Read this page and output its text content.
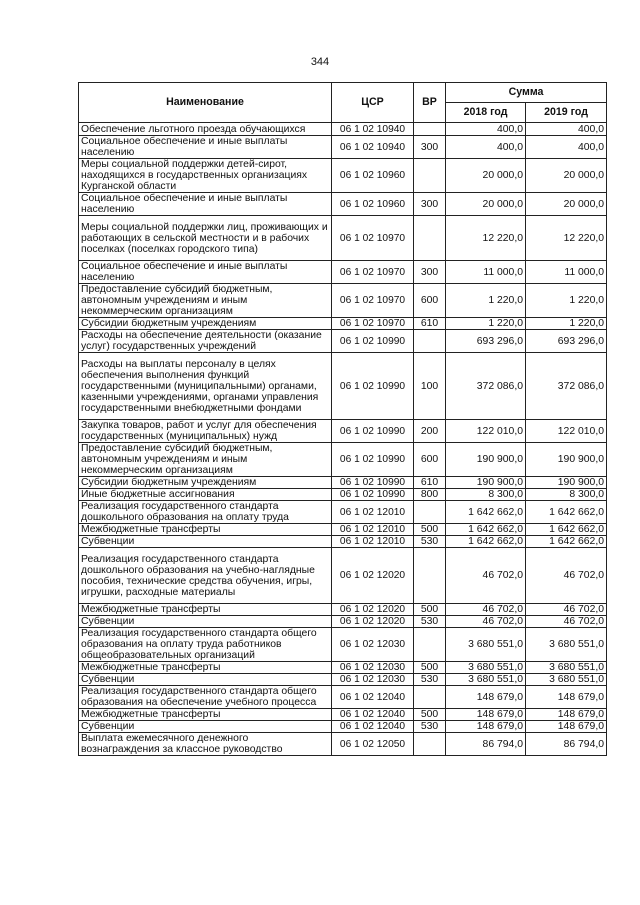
344
Наименование	ЦСР	ВР	Сумма	
			2018 год	2019 год
Обеспечение льготного проезда обучающихся	06 1 02 10940		400,0	400,0
Социальное обеспечение и иные выплаты населению	06 1 02 10940	300	400,0	400,0
Меры социальной поддержки детей-сирот, находящихся в государственных организациях Курганской области	06 1 02 10960		20 000,0	20 000,0
Социальное обеспечение и иные выплаты населению	06 1 02 10960	300	20 000,0	20 000,0
Меры социальной поддержки лиц, проживающих и работающих в сельской местности и в рабочих поселках (поселках городского типа)	06 1 02 10970		12 220,0	12 220,0
Социальное обеспечение и иные выплаты населению	06 1 02 10970	300	11 000,0	11 000,0
Предоставление субсидий бюджетным, автономным учреждениям и иным некоммерческим организациям	06 1 02 10970	600	1 220,0	1 220,0
Субсидии бюджетным учреждениям	06 1 02 10970	610	1 220,0	1 220,0
Расходы на обеспечение деятельности (оказание услуг) государственных учреждений	06 1 02 10990		693 296,0	693 296,0
Расходы на выплаты персоналу в целях обеспечения выполнения функций государственными (муниципальными) органами, казенными учреждениями, органами управления государственными внебюджетными фондами	06 1 02 10990	100	372 086,0	372 086,0
Закупка товаров, работ и услуг для обеспечения государственных (муниципальных) нужд	06 1 02 10990	200	122 010,0	122 010,0
Предоставление субсидий бюджетным, автономным учреждениям и иным некоммерческим организациям	06 1 02 10990	600	190 900,0	190 900,0
Субсидии бюджетным учреждениям	06 1 02 10990	610	190 900,0	190 900,0
Иные бюджетные ассигнования	06 1 02 10990	800	8 300,0	8 300,0
Реализация государственного стандарта дошкольного образования на оплату труда	06 1 02 12010		1 642 662,0	1 642 662,0
Межбюджетные трансферты	06 1 02 12010	500	1 642 662,0	1 642 662,0
Субвенции	06 1 02 12010	530	1 642 662,0	1 642 662,0
Реализация государственного стандарта дошкольного образования на учебно-наглядные пособия, технические средства обучения, игры, игрушки, расходные материалы	06 1 02 12020		46 702,0	46 702,0
Межбюджетные трансферты	06 1 02 12020	500	46 702,0	46 702,0
Субвенции	06 1 02 12020	530	46 702,0	46 702,0
Реализация государственного стандарта общего образования на оплату труда работников общеобразовательных организаций	06 1 02 12030		3 680 551,0	3 680 551,0
Межбюджетные трансферты	06 1 02 12030	500	3 680 551,0	3 680 551,0
Субвенции	06 1 02 12030	530	3 680 551,0	3 680 551,0
Реализация государственного стандарта общего образования на обеспечение учебного процесса	06 1 02 12040		148 679,0	148 679,0
Межбюджетные трансферты	06 1 02 12040	500	148 679,0	148 679,0
Субвенции	06 1 02 12040	530	148 679,0	148 679,0
Выплата ежемесячного денежного вознаграждения за классное руководство	06 1 02 12050		86 794,0	86 794,0
